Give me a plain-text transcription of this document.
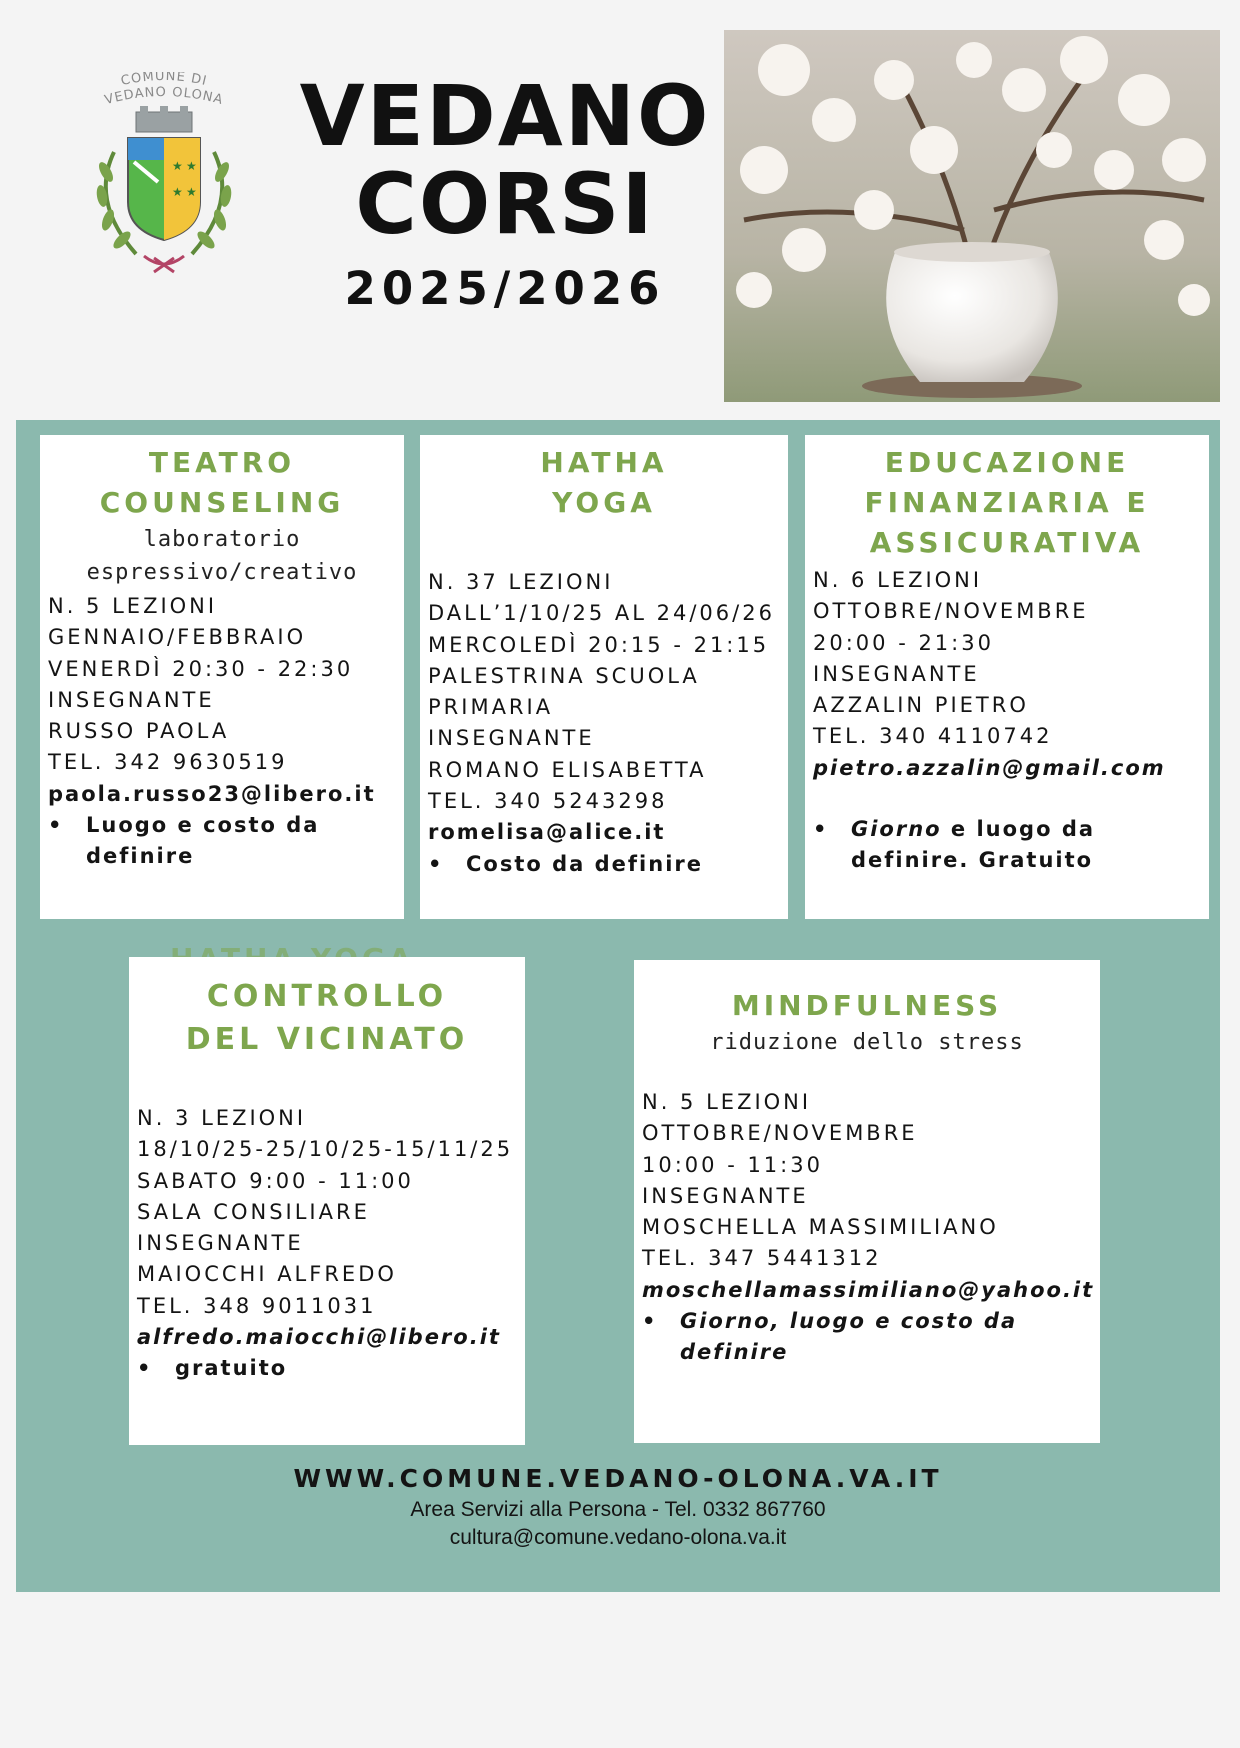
COMUNE DI
VEDANO OLONA
★ ★
★ ★
VEDANO
CORSI
2025/2026
TEATRO
COUNSELING
laboratorio
espressivo/creativo
N. 5 LEZIONI
GENNAIO/FEBBRAIO
VENERDÌ 20:30 - 22:30
INSEGNANTE
RUSSO PAOLA
TEL. 342 9630519
paola.russo23@libero.it
•	Luogo e costo da definire
HATHA
YOGA
N. 37 LEZIONI
DALL’1/10/25 AL 24/06/26
MERCOLEDÌ 20:15 - 21:15
PALESTRINA SCUOLA
PRIMARIA
INSEGNANTE
ROMANO ELISABETTA
TEL. 340 5243298
romelisa@alice.it
•	Costo da definire
EDUCAZIONE
FINANZIARIA E
ASSICURATIVA
N. 6 LEZIONI
OTTOBRE/NOVEMBRE
20:00 - 21:30
INSEGNANTE
AZZALIN PIETRO
TEL. 340 4110742
pietro.azzalin@gmail.com
•	Giorno e luogo da definire. Gratuito
CONTROLLO
DEL VICINATO
N. 3 LEZIONI
18/10/25-25/10/25-15/11/25
SABATO 9:00 - 11:00
SALA CONSILIARE
INSEGNANTE
MAIOCCHI ALFREDO
TEL. 348 9011031
alfredo.maiocchi@libero.it
•	gratuito
MINDFULNESS
riduzione dello stress
N. 5 LEZIONI
OTTOBRE/NOVEMBRE
10:00 - 11:30
INSEGNANTE
MOSCHELLA MASSIMILIANO
TEL. 347 5441312
moschellamassimiliano@yahoo.it
•	Giorno, luogo e costo da definire
WWW.COMUNE.VEDANO-OLONA.VA.IT
Area Servizi alla Persona - Tel. 0332 867760
cultura@comune.vedano-olona.va.it
